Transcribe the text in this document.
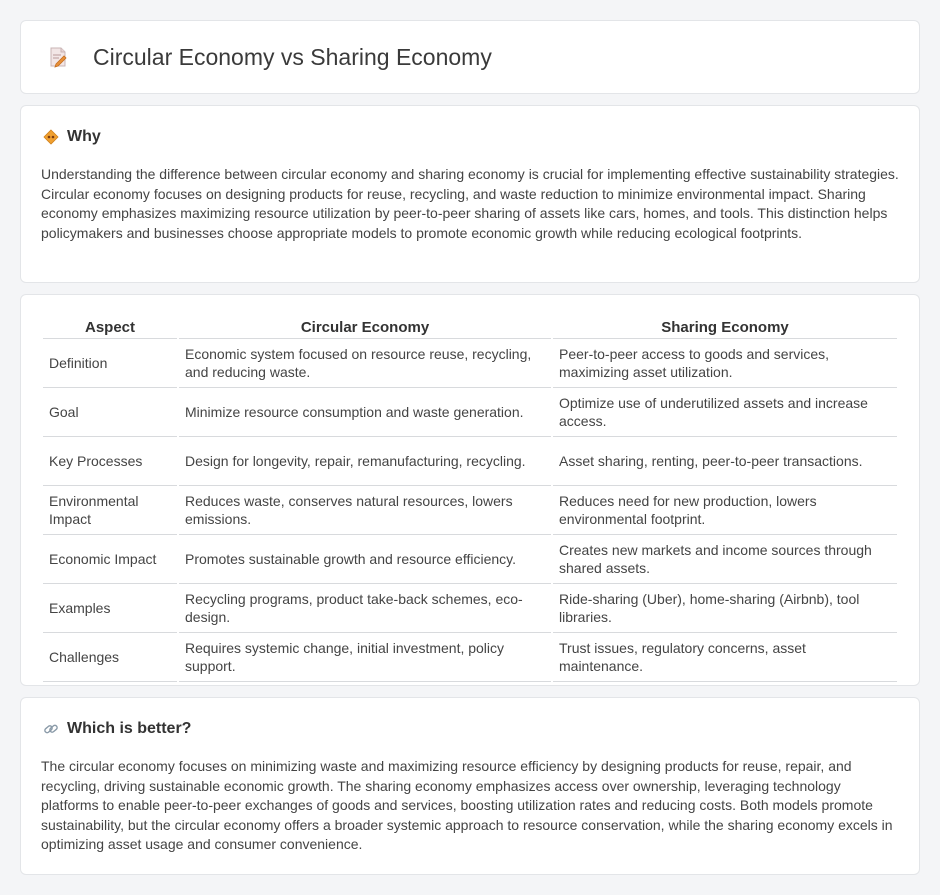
Circular Economy vs Sharing Economy
Why

Understanding the difference between circular economy and sharing economy is crucial for implementing effective sustainability strategies. Circular economy focuses on designing products for reuse, recycling, and waste reduction to minimize environmental impact. Sharing economy emphasizes maximizing resource utilization by peer-to-peer sharing of assets like cars, homes, and tools. This distinction helps policymakers and businesses choose appropriate models to promote economic growth while reducing ecological footprints.

Aspect	Circular Economy	Sharing Economy
Definition	Economic system focused on resource reuse, recycling, and reducing waste.	Peer-to-peer access to goods and services, maximizing asset utilization.
Goal	Minimize resource consumption and waste generation.	Optimize use of underutilized assets and increase access.
Key Processes	Design for longevity, repair, remanufacturing, recycling.	Asset sharing, renting, peer-to-peer transactions.
Environmental Impact	Reduces waste, conserves natural resources, lowers emissions.	Reduces need for new production, lowers environmental footprint.
Economic Impact	Promotes sustainable growth and resource efficiency.	Creates new markets and income sources through shared assets.
Examples	Recycling programs, product take-back schemes, eco-design.	Ride-sharing (Uber), home-sharing (Airbnb), tool libraries.
Challenges	Requires systemic change, initial investment, policy support.	Trust issues, regulatory concerns, asset maintenance.
Which is better?

The circular economy focuses on minimizing waste and maximizing resource efficiency by designing products for reuse, repair, and recycling, driving sustainable economic growth. The sharing economy emphasizes access over ownership, leveraging technology platforms to enable peer-to-peer exchanges of goods and services, boosting utilization rates and reducing costs. Both models promote sustainability, but the circular economy offers a broader systemic approach to resource conservation, while the sharing economy excels in optimizing asset usage and consumer convenience.
